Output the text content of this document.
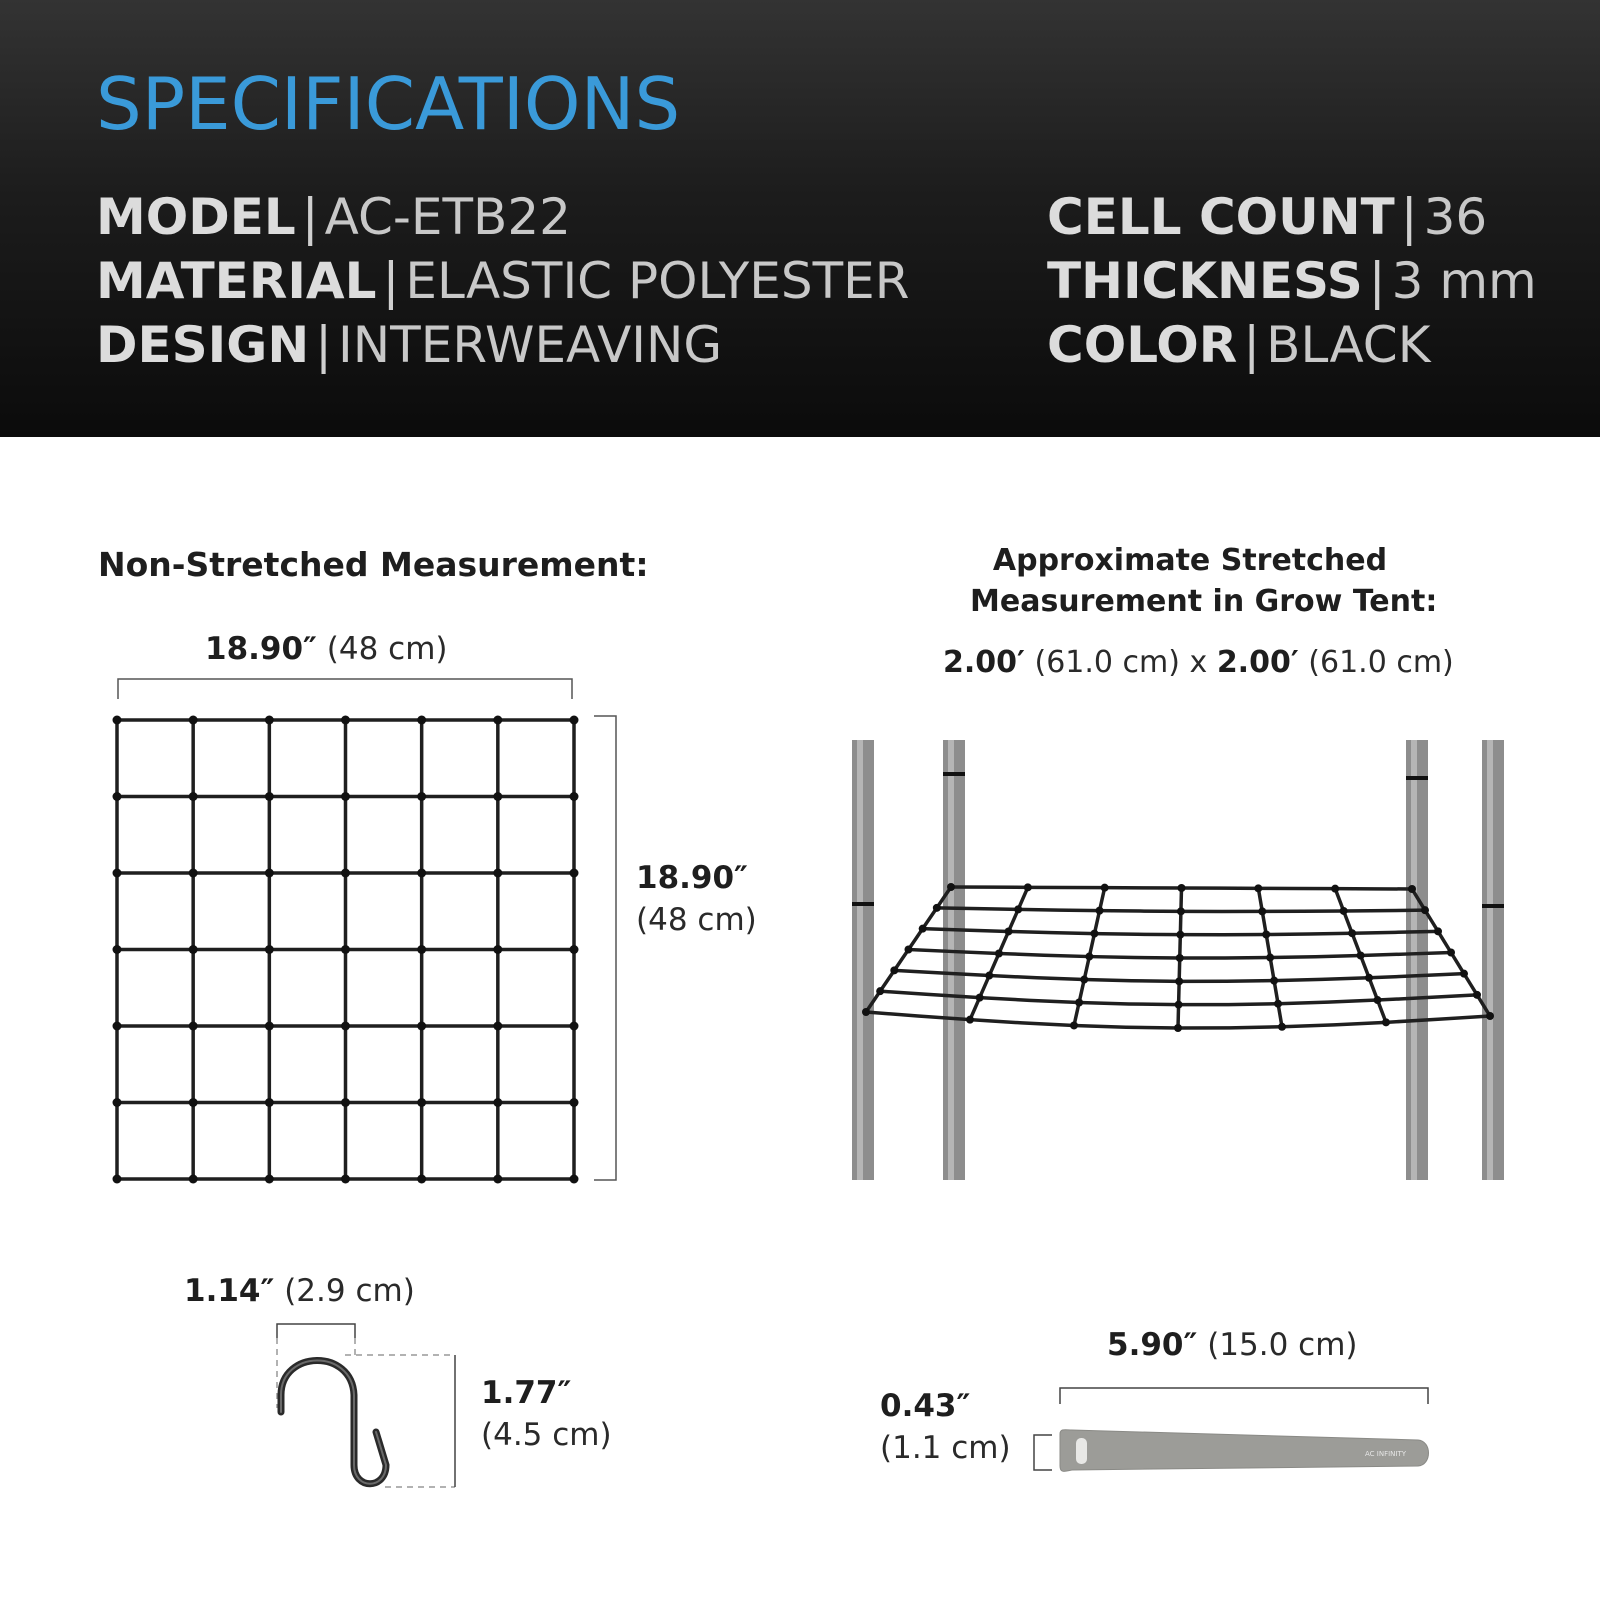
SPECIFICATIONS
MODEL | AC-ETB22
MATERIAL | ELASTIC POLYESTER
DESIGN | INTERWEAVING
CELL COUNT | 36
THICKNESS | 3 mm
COLOR | BLACK
AC INFINITY
Non-Stretched Measurement:
18.90″ (48 cm)
18.90″
(48 cm)
Approximate Stretched
Measurement in Grow Tent:
2.00′ (61.0 cm) x 2.00′ (61.0 cm)
1.14″ (2.9 cm)
1.77″
(4.5 cm)
5.90″ (15.0 cm)
0.43″
(1.1 cm)
